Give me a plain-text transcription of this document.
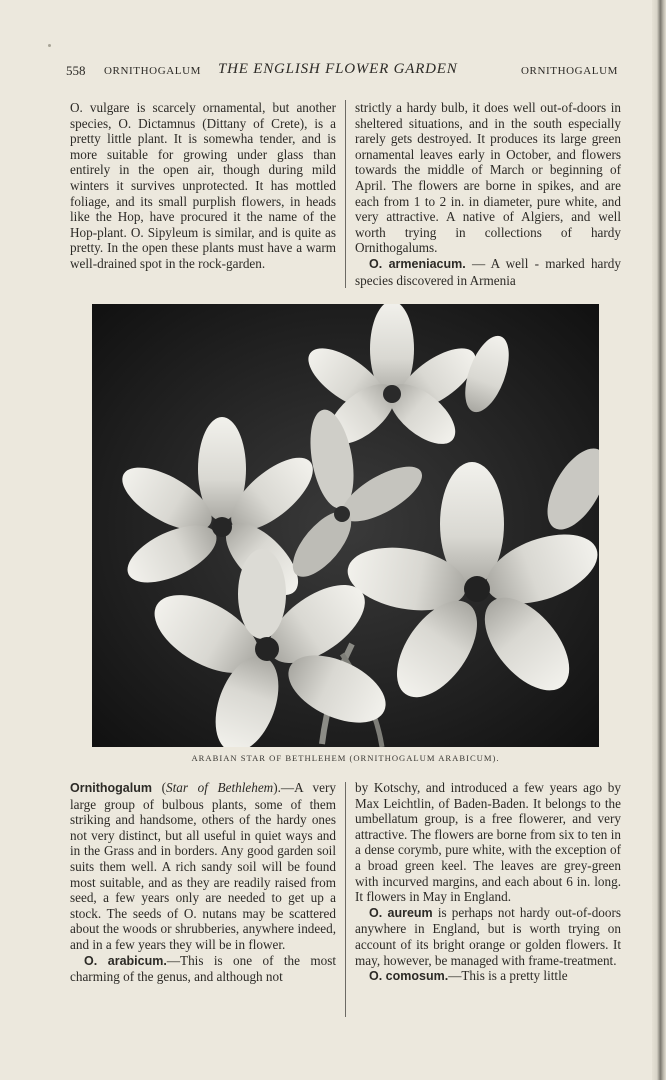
558 ORNITHOGALUM THE ENGLISH FLOWER GARDEN	ORNITHOGALUM

O. vulgare is scarcely ornamental, but another species, O. Dictamnus (Dittany of Crete), is a pretty little plant. It is somewha tender, and is more suitable for growing under glass than entirely in the open air, though during mild winters it survives unprotected. It has mottled foliage, and its small purplish flowers, in heads like the Hop, have procured it the name of the Hop-plant. O. Sipyleum is similar, and is quite as pretty. In the open these plants must have a warm well-drained spot in the rock-garden.

strictly a hardy bulb, it does well out-of-doors in sheltered situations, and in the south especially rarely gets destroyed. It produces its large green ornamental leaves early in October, and flowers towards the middle of March or beginning of April. The flowers are borne in spikes, and are each from 1 to 2 in. in diameter, pure white, and very attractive. A native of Algiers, and well worth trying in collections of hardy Ornithogalums.

O. armeniacum. — A well - marked hardy species discovered in Armenia

ARABIAN STAR OF BETHLEHEM (ORNITHOGALUM ARABICUM).

Ornithogalum (Star of Bethlehem).—A very large group of bulbous plants, some of them striking and handsome, others of the hardy ones not very distinct, but all useful in quiet ways and in the Grass and in borders. Any good garden soil suits them well. A rich sandy soil will be found most suitable, and as they are readily raised from seed, a few years only are needed to get up a stock. The seeds of O. nutans may be scattered about the woods or shrubberies, anywhere indeed, and in a few years they will be in flower.

O. arabicum.—This is one of the most charming of the genus, and although not

by Kotschy, and introduced a few years ago by Max Leichtlin, of Baden-Baden. It belongs to the umbellatum group, is a free flowerer, and very attractive. The flowers are borne from six to ten in a dense corymb, pure white, with the exception of a broad green keel. The leaves are grey-green with incurved margins, and each about 6 in. long. It flowers in May in England.

O. aureum is perhaps not hardy out-of-doors anywhere in England, but is worth trying on account of its bright orange or golden flowers. It may, however, be managed with frame-treatment.

O. comosum.—This is a pretty little
